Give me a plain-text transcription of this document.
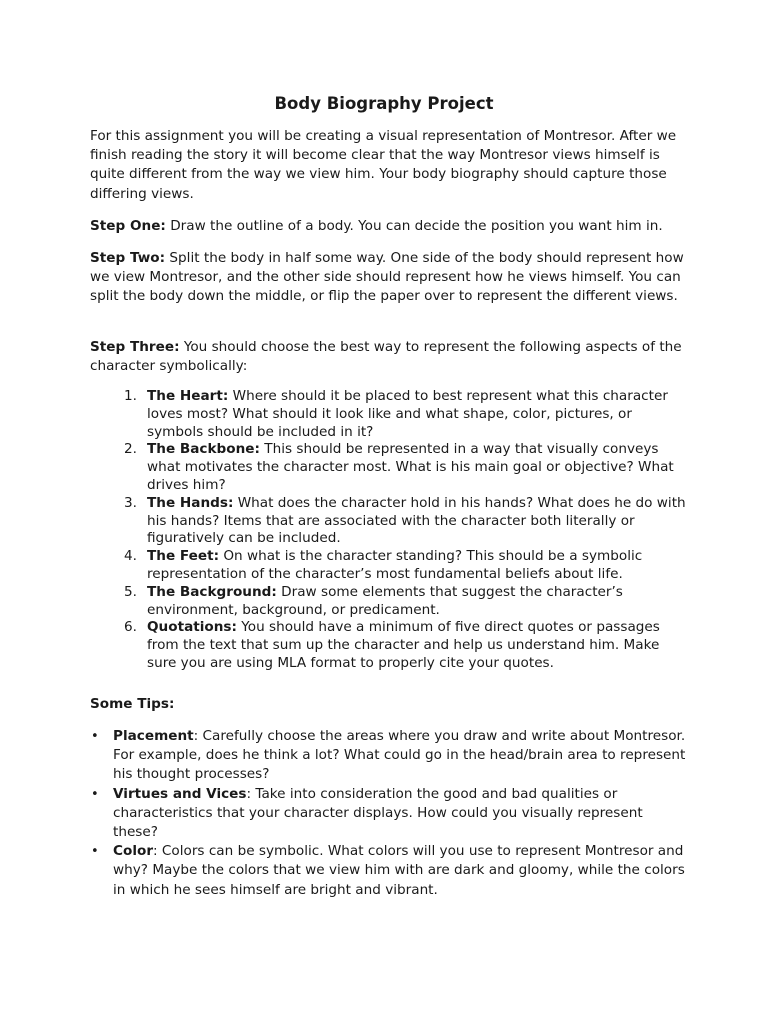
Body Biography Project

For this assignment you will be creating a visual representation of Montresor. After we finish reading the story it will become clear that the way Montresor views himself is quite different from the way we view him. Your body biography should capture those differing views.

Step One: Draw the outline of a body. You can decide the position you want him in.

Step Two: Split the body in half some way. One side of the body should represent how we view Montresor, and the other side should represent how he views himself. You can split the body down the middle, or flip the paper over to represent the different views.

Step Three: You should choose the best way to represent the following aspects of the character symbolically:

1. The Heart: Where should it be placed to best represent what this character loves most? What should it look like and what shape, color, pictures, or symbols should be included in it?
2. The Backbone: This should be represented in a way that visually conveys what motivates the character most. What is his main goal or objective? What drives him?
3. The Hands: What does the character hold in his hands? What does he do with his hands? Items that are associated with the character both literally or figuratively can be included.
4. The Feet: On what is the character standing? This should be a symbolic representation of the character’s most fundamental beliefs about life.
5. The Background: Draw some elements that suggest the character’s environment, background, or predicament.
6. Quotations: You should have a minimum of five direct quotes or passages from the text that sum up the character and help us understand him. Make sure you are using MLA format to properly cite your quotes.

Some Tips:

• Placement: Carefully choose the areas where you draw and write about Montresor. For example, does he think a lot? What could go in the head/brain area to represent his thought processes?
• Virtues and Vices: Take into consideration the good and bad qualities or characteristics that your character displays. How could you visually represent these?
• Color: Colors can be symbolic. What colors will you use to represent Montresor and why? Maybe the colors that we view him with are dark and gloomy, while the colors in which he sees himself are bright and vibrant.
